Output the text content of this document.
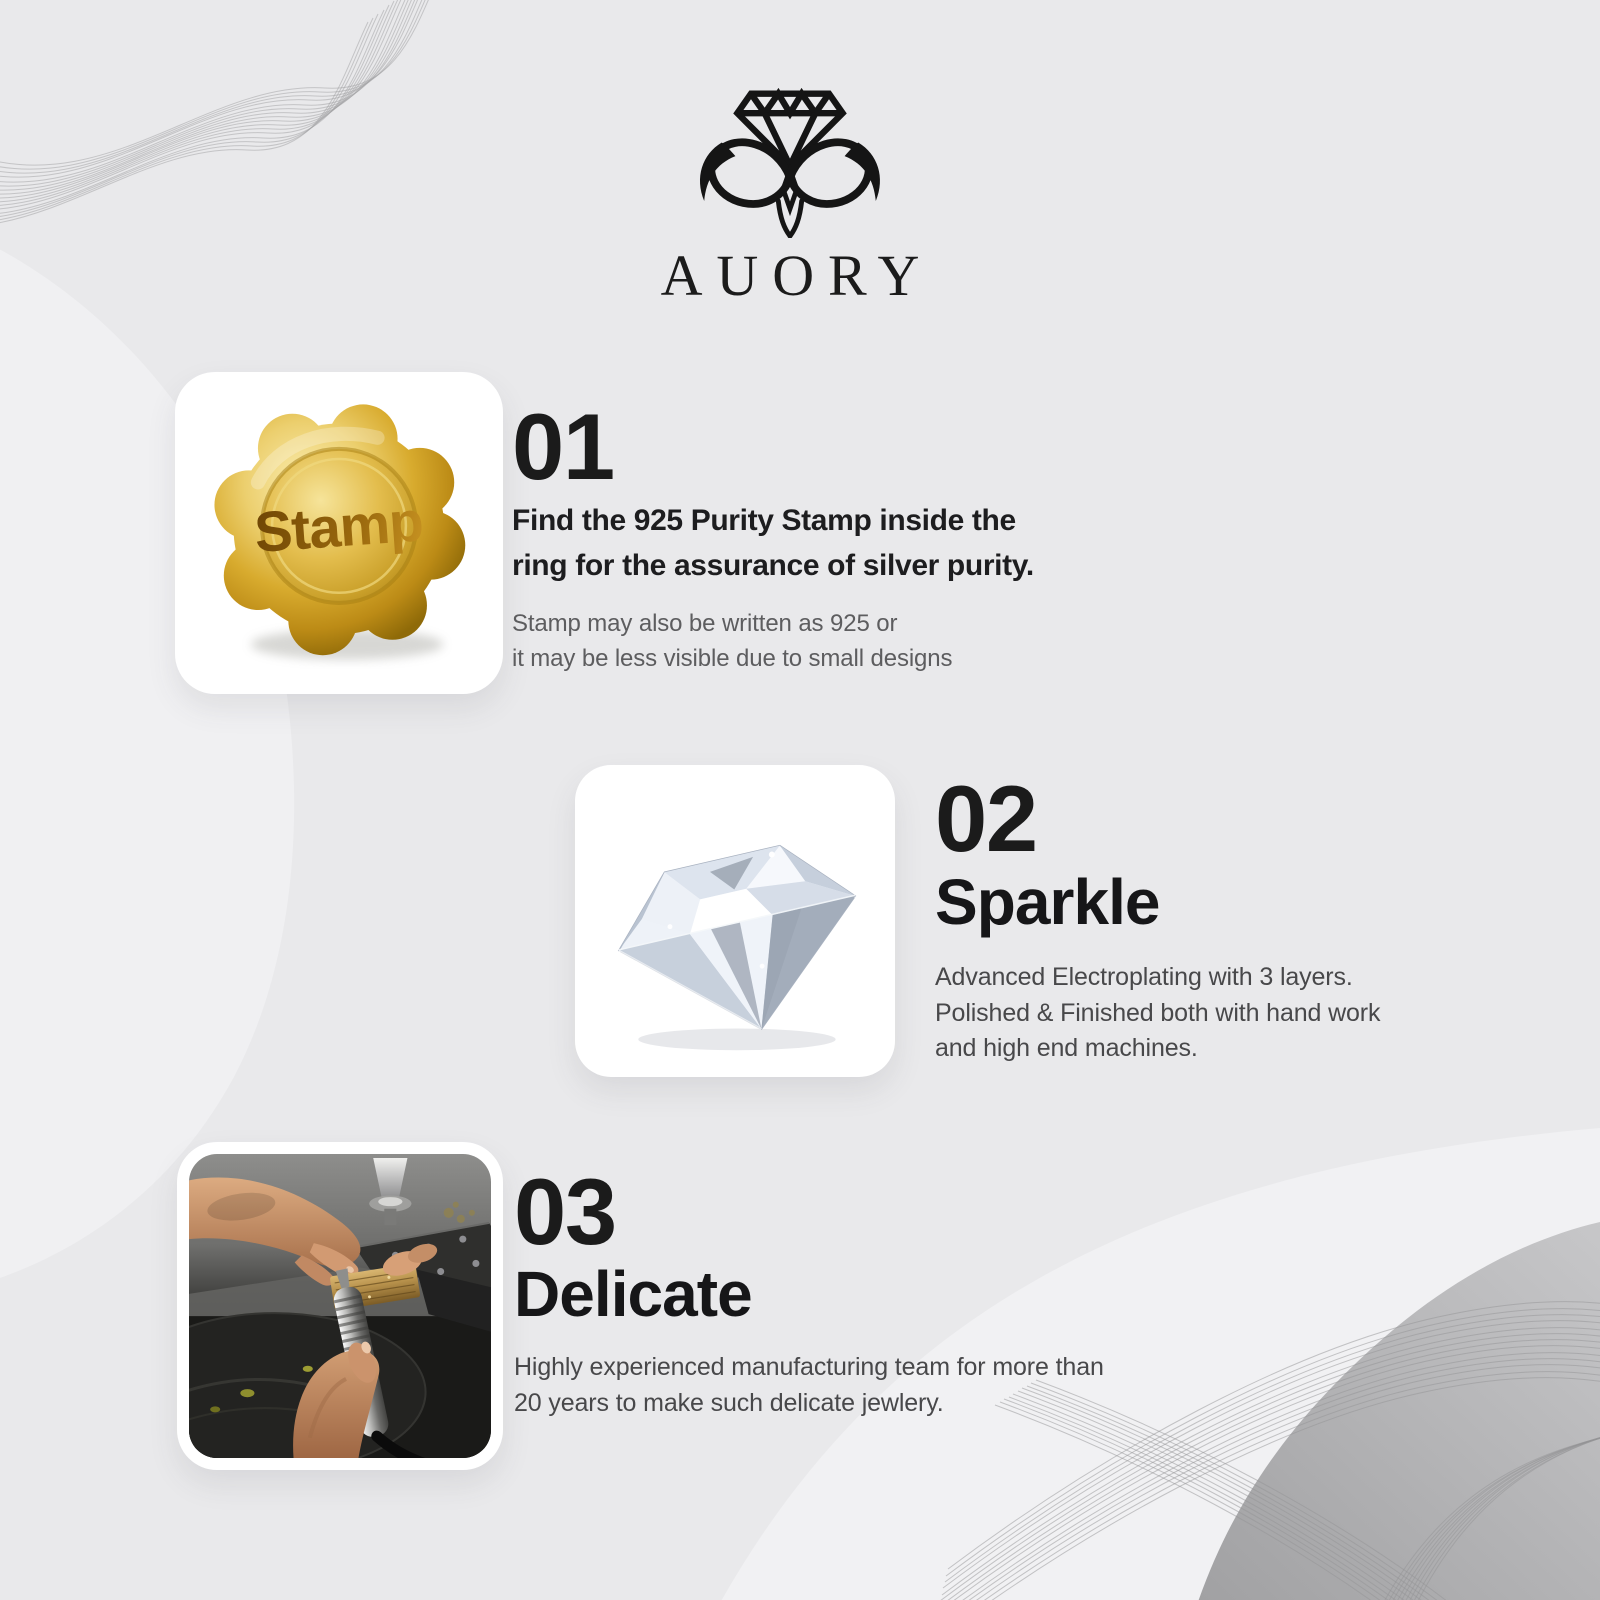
AUORY
Stamp
01
Find the 925 Purity Stamp inside the
ring for the assurance of silver purity.
Stamp may also be written as 925 or
it may be less visible due to small designs
02
Sparkle
Advanced Electroplating with 3 layers.
Polished & Finished both with hand work
and high end machines.
03
Delicate
Highly experienced manufacturing team for more than
20 years to make such delicate jewlery.
